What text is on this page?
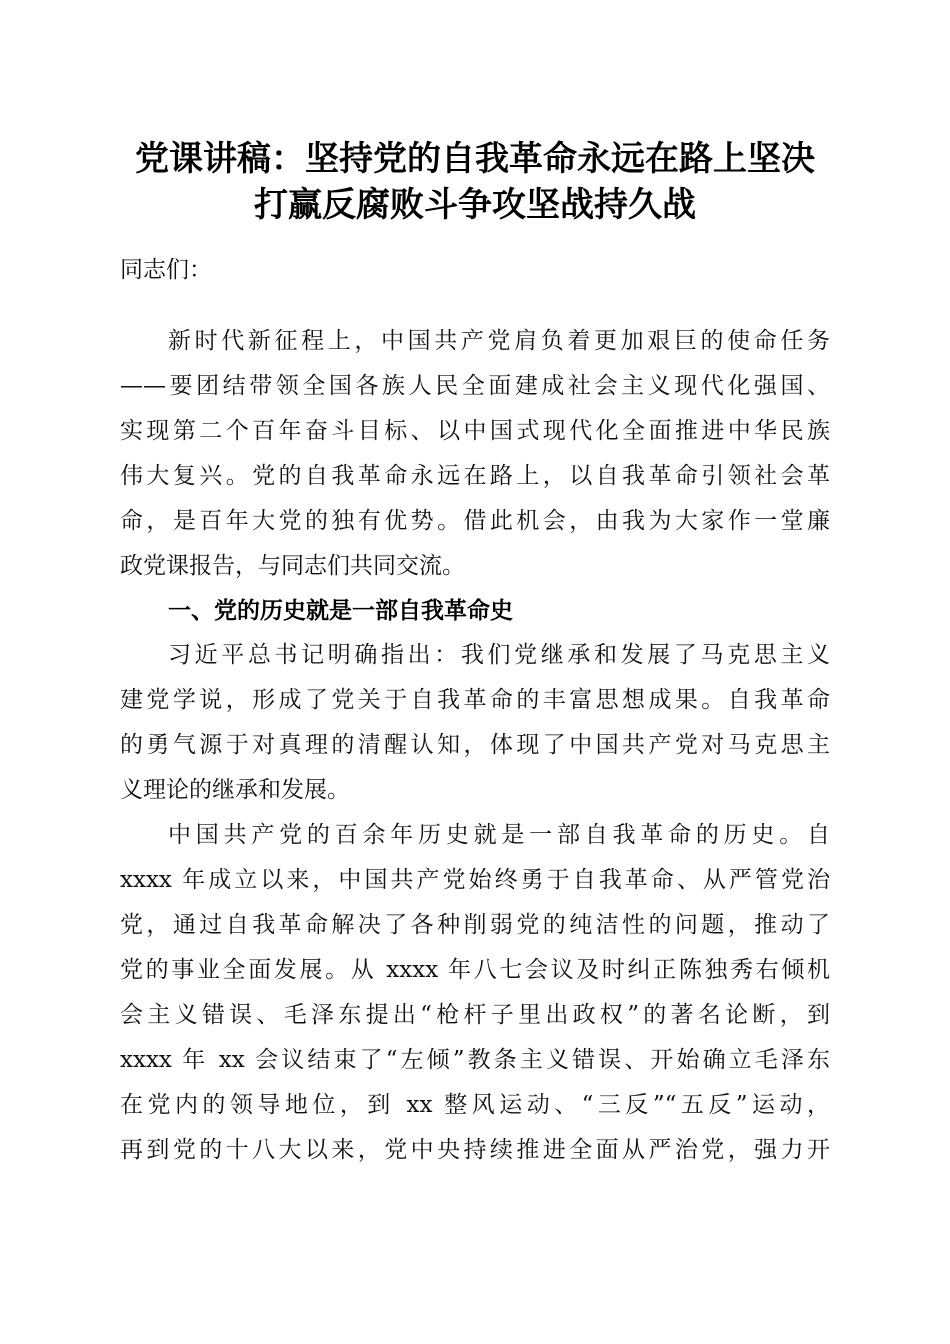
党课讲稿：坚持党的自我革命永远在路上坚决
打赢反腐败斗争攻坚战持久战
同志们：
新时代新征程上，中国共产党肩负着更加艰巨的使命任务
——要团结带领全国各族人民全面建成社会主义现代化强国、
实现第二个百年奋斗目标、以中国式现代化全面推进中华民族
伟大复兴。党的自我革命永远在路上，以自我革命引领社会革
命，是百年大党的独有优势。借此机会，由我为大家作一堂廉
政党课报告，与同志们共同交流。
一、党的历史就是一部自我革命史
习近平总书记明确指出：我们党继承和发展了马克思主义
建党学说，形成了党关于自我革命的丰富思想成果。自我革命
的勇气源于对真理的清醒认知，体现了中国共产党对马克思主
义理论的继承和发展。
中国共产党的百余年历史就是一部自我革命的历史。自
xxxx 年成立以来，中国共产党始终勇于自我革命、从严管党治
党，通过自我革命解决了各种削弱党的纯洁性的问题，推动了
党的事业全面发展。从 xxxx 年八七会议及时纠正陈独秀右倾机
会主义错误、毛泽东提出“枪杆子里出政权”的著名论断，到
xxxx 年 xx 会议结束了“左倾”教条主义错误、开始确立毛泽东
在党内的领导地位，到 xx 整风运动、“三反”“五反”运动，
再到党的十八大以来，党中央持续推进全面从严治党，强力开
